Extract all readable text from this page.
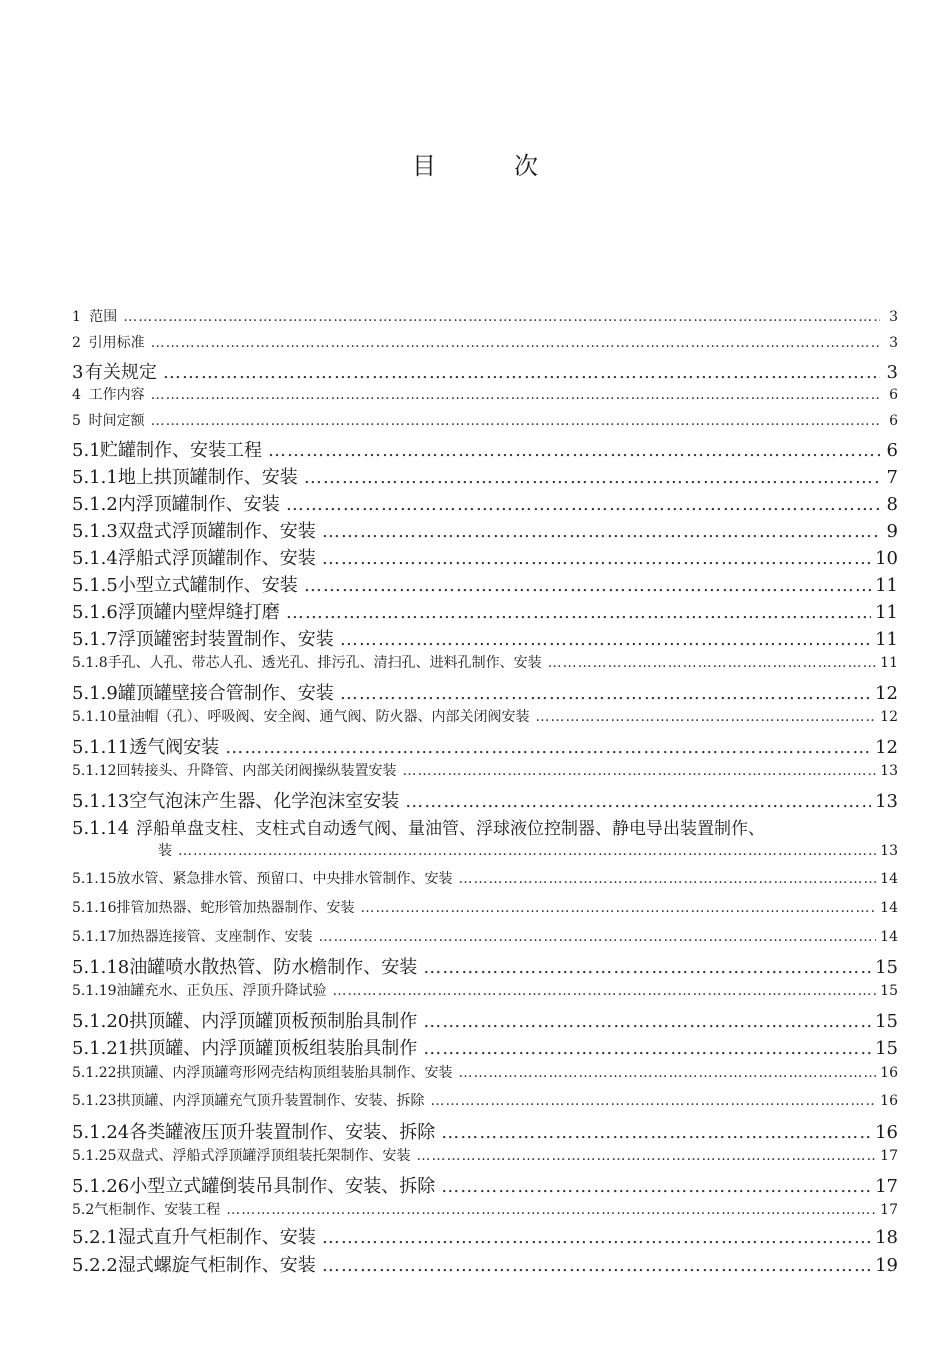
目次
1 范围 …………………………………………………………………………………………………………………………………………………………………………………………………………………………	3
2 引用标准 …………………………………………………………………………………………………………………………………………………………………………………………………………………………	3
3 有关规定 …………………………………………………………………………………………………………………………………………………………………………………………………………………………	3
4 工作内容 …………………………………………………………………………………………………………………………………………………………………………………………………………………………	6
5 时间定额 …………………………………………………………………………………………………………………………………………………………………………………………………………………………	6
5.1 贮罐制作、安装工程 …………………………………………………………………………………………………………………………………………………………………………………………………………………………	6
5.1.1 地上拱顶罐制作、安装 …………………………………………………………………………………………………………………………………………………………………………………………………………………………	7
5.1.2 内浮顶罐制作、安装 …………………………………………………………………………………………………………………………………………………………………………………………………………………………	8
5.1.3 双盘式浮顶罐制作、安装 …………………………………………………………………………………………………………………………………………………………………………………………………………………………	9
5.1.4 浮船式浮顶罐制作、安装 …………………………………………………………………………………………………………………………………………………………………………………………………………………………	10
5.1.5 小型立式罐制作、安装 …………………………………………………………………………………………………………………………………………………………………………………………………………………………	11
5.1.6 浮顶罐内壁焊缝打磨 …………………………………………………………………………………………………………………………………………………………………………………………………………………………	11
5.1.7 浮顶罐密封装置制作、安装 …………………………………………………………………………………………………………………………………………………………………………………………………………………………	11
5.1.8 手孔、人孔、带芯人孔、透光孔、排污孔、清扫孔、进料孔制作、安装 …………………………………………………………………………………………………………………………………………………………………………………………………………………………	11
5.1.9 罐顶罐壁接合管制作、安装 …………………………………………………………………………………………………………………………………………………………………………………………………………………………	12
5.1.10 量油帽（孔）、呼吸阀、安全阀、通气阀、防火器、内部关闭阀安装 …………………………………………………………………………………………………………………………………………………………………………………………………………………………	12
5.1.11 透气阀安装 …………………………………………………………………………………………………………………………………………………………………………………………………………………………	12
5.1.12 回转接头、升降管、内部关闭阀操纵装置安装 …………………………………………………………………………………………………………………………………………………………………………………………………………………………	13
5.1.13 空气泡沫产生器、化学泡沫室安装 …………………………………………………………………………………………………………………………………………………………………………………………………………………………	13
5.1.14 浮船单盘支柱、支柱式自动透气阀、量油管、浮球液位控制器、静电导出装置制作、
装 …………………………………………………………………………………………………………………………………………………………………………………………………………………………	13
5.1.15 放水管、紧急排水管、预留口、中央排水管制作、安装 …………………………………………………………………………………………………………………………………………………………………………………………………………………………	14
5.1.16 排管加热器、蛇形管加热器制作、安装 …………………………………………………………………………………………………………………………………………………………………………………………………………………………	14
5.1.17 加热器连接管、支座制作、安装 …………………………………………………………………………………………………………………………………………………………………………………………………………………………	14
5.1.18 油罐喷水散热管、防水檐制作、安装 …………………………………………………………………………………………………………………………………………………………………………………………………………………………	15
5.1.19 油罐充水、正负压、浮顶升降试验 …………………………………………………………………………………………………………………………………………………………………………………………………………………………	15
5.1.20 拱顶罐、内浮顶罐顶板预制胎具制作 …………………………………………………………………………………………………………………………………………………………………………………………………………………………	15
5.1.21 拱顶罐、内浮顶罐顶板组装胎具制作 …………………………………………………………………………………………………………………………………………………………………………………………………………………………	15
5.1.22 拱顶罐、内浮顶罐弯形网壳结构顶组装胎具制作、安装 …………………………………………………………………………………………………………………………………………………………………………………………………………………………	16
5.1.23 拱顶罐、内浮顶罐充气顶升装置制作、安装、拆除 …………………………………………………………………………………………………………………………………………………………………………………………………………………………	16
5.1.24 各类罐液压顶升装置制作、安装、拆除 …………………………………………………………………………………………………………………………………………………………………………………………………………………………	16
5.1.25 双盘式、浮船式浮顶罐浮顶组装托架制作、安装 …………………………………………………………………………………………………………………………………………………………………………………………………………………………	17
5.1.26 小型立式罐倒装吊具制作、安装、拆除 …………………………………………………………………………………………………………………………………………………………………………………………………………………………	17
5.2 气柜制作、安装工程 …………………………………………………………………………………………………………………………………………………………………………………………………………………………	17
5.2.1 湿式直升气柜制作、安装 …………………………………………………………………………………………………………………………………………………………………………………………………………………………	18
5.2.2 湿式螺旋气柜制作、安装 …………………………………………………………………………………………………………………………………………………………………………………………………………………………	19
